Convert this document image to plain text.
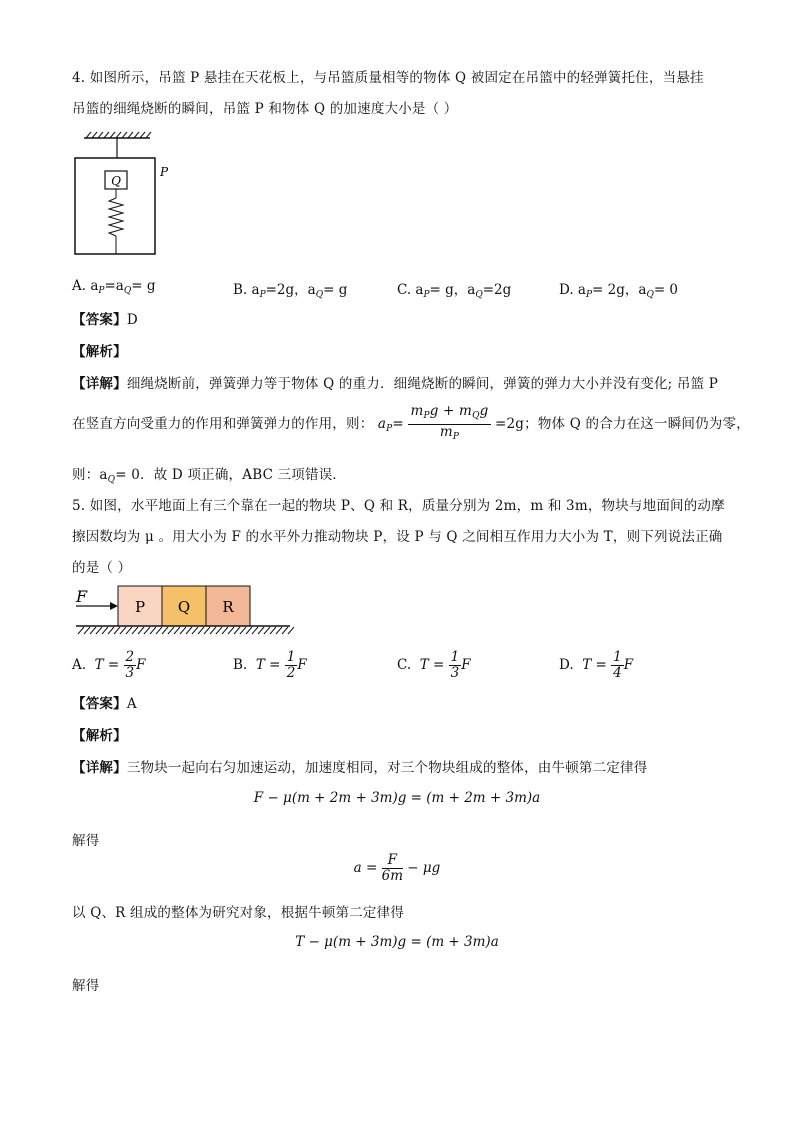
4. 如图所示，吊篮 P 悬挂在天花板上，与吊篮质量相等的物体 Q 被固定在吊篮中的轻弹簧托住，当悬挂
吊篮的细绳烧断的瞬间，吊篮 P 和物体 Q 的加速度大小是（ ）
Q
P
A. $a_P=a_Q= g$	B. $a_P=2g$，$a_Q= g$	C. $a_P= g$，$a_Q=2g$	D. $a_P= 2g$，$a_Q= 0$
【答案】D
【解析】
【详解】细绳烧断前，弹簧弹力等于物体 Q 的重力．细绳烧断的瞬间，弹簧的弹力大小并没有变化; 吊篮 P
在竖直方向受重力的作用和弹簧弹力的作用，则： $a_P= \frac{m_Pg + m_Qg}{m_P} =2g$；物体 Q 的合力在这一瞬间仍为零，
则：$a_Q= 0$．故 D 项正确，ABC 三项错误．
5. 如图，水平地面上有三个靠在一起的物块 P、Q 和 R，质量分别为 2m，m 和 3m，物块与地面间的动摩
擦因数均为 μ 。用大小为 F 的水平外力推动物块 P，设 P 与 Q 之间相互作用力大小为 T，则下列说法正确
的是（ ）
F
P Q R
A. $T = \frac{2}{3}$ F	B. $T = \frac{1}{2}$ F	C. $T = \frac{1}{3}$ F	D. $T = \frac{1}{4}$ F
【答案】A
【解析】
【详解】三物块一起向右匀加速运动，加速度相同，对三个物块组成的整体，由牛顿第二定律得
F − μ(m + 2m + 3m)g = (m + 2m + 3m)a
解得
$a = \frac{F}{6m} - \mu g$
以 Q、R 组成的整体为研究对象，根据牛顿第二定律得
T − μ(m + 3m)g = (m + 3m)a
解得
